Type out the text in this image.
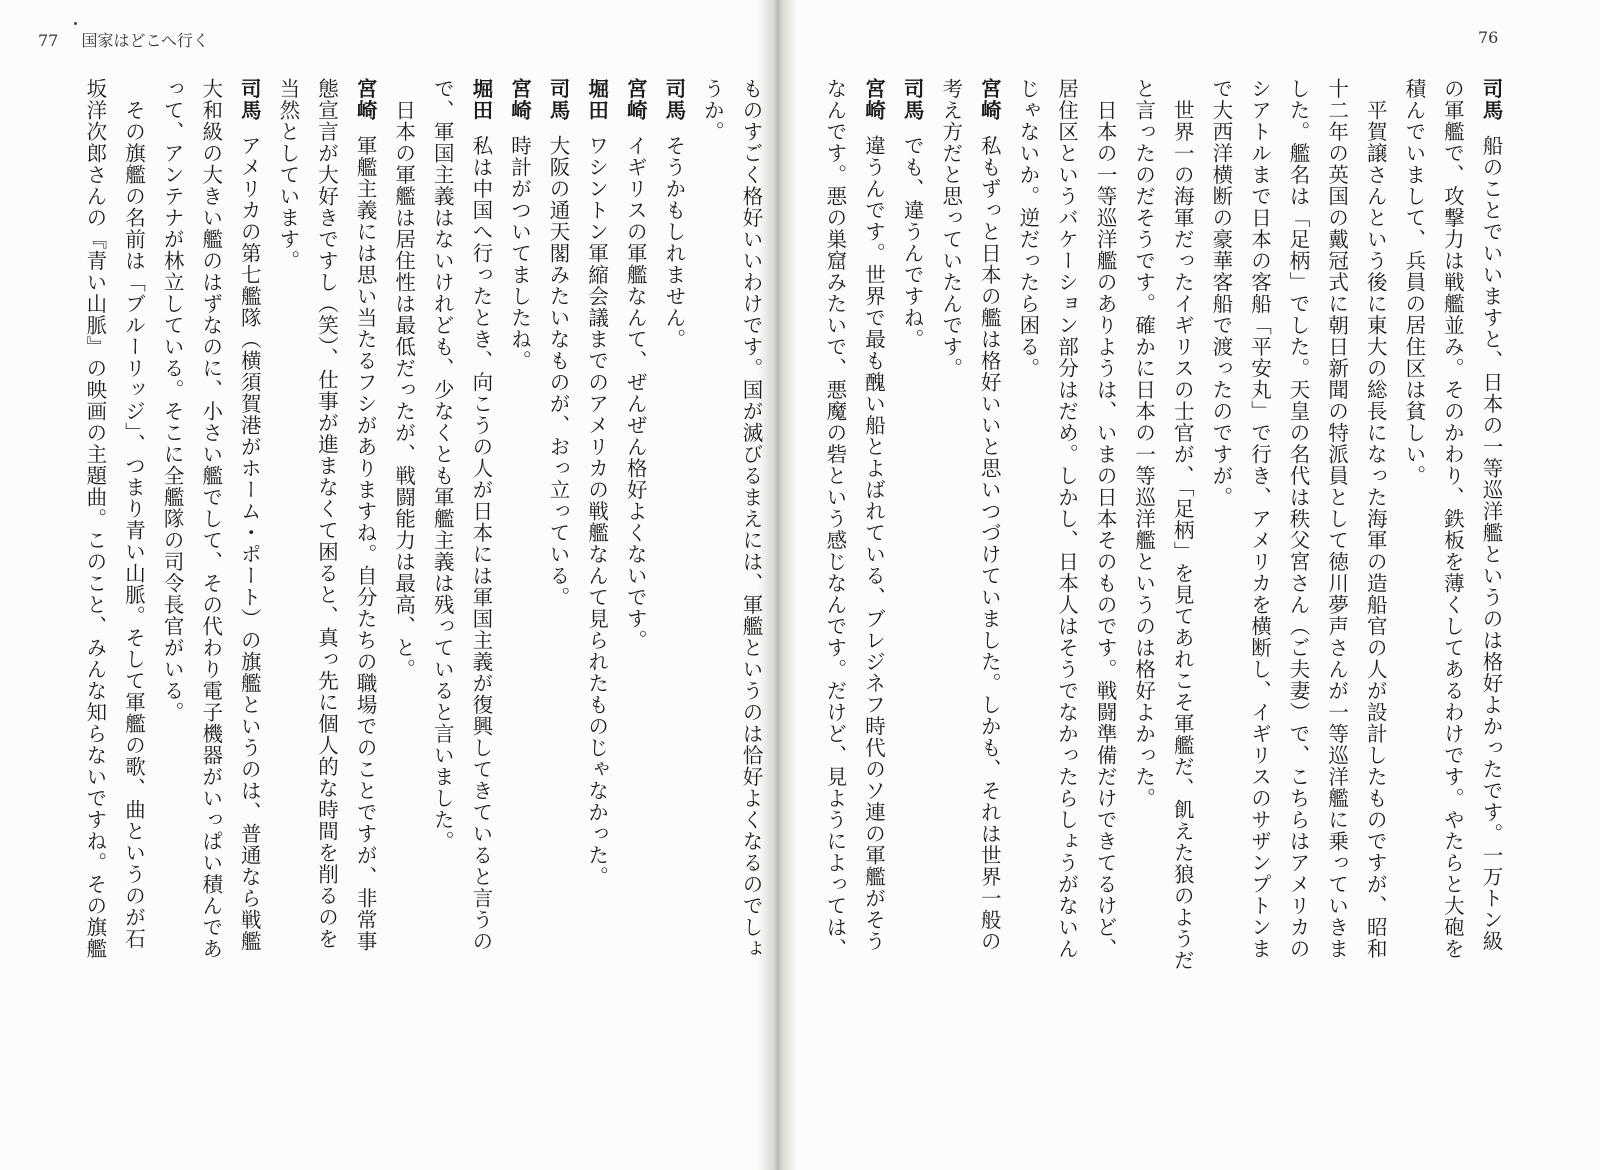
77 国家はどこへ行く	76
司馬船のことでいいますと、日本の一等巡洋艦というのは格好よかったです。一万トン級
の軍艦で、攻撃力は戦艦並み。そのかわり、鉄板を薄くしてあるわけです。やたらと大砲を
積んでいまして、兵員の居住区は貧しい。
　平賀譲さんという後に東大の総長になった海軍の造船官の人が設計したものですが、昭和
十二年の英国の戴冠式に朝日新聞の特派員として徳川夢声さんが一等巡洋艦に乗っていきま
した。艦名は「足柄」でした。天皇の名代は秩父宮さん（ご夫妻）で、こちらはアメリカの
シアトルまで日本の客船「平安丸」で行き、アメリカを横断し、イギリスのサザンプトンま
で大西洋横断の豪華客船で渡ったのですが。
　世界一の海軍だったイギリスの士官が、「足柄」を見てあれこそ軍艦だ、飢えた狼のようだ
と言ったのだそうです。確かに日本の一等巡洋艦というのは格好よかった。
　日本の一等巡洋艦のありようは、いまの日本そのものです。戦闘準備だけできてるけど、
居住区というバケーション部分はだめ。しかし、日本人はそうでなかったらしょうがないん
じゃないか。逆だったら困る。
宮崎私もずっと日本の艦は格好いいと思いつづけていました。しかも、それは世界一般の
考え方だと思っていたんです。
司馬でも、違うんですね。
宮崎違うんです。世界で最も醜い船とよばれている、ブレジネフ時代のソ連の軍艦がそう
なんです。悪の巣窟みたいで、悪魔の砦という感じなんです。だけど、見ようによっては、
ものすごく格好いいわけです。国が滅びるまえには、軍艦というのは恰好よくなるのでしょ
うか。
司馬そうかもしれません。
宮崎イギリスの軍艦なんて、ぜんぜん格好よくないです。
堀田ワシントン軍縮会議までのアメリカの戦艦なんて見られたものじゃなかった。
司馬大阪の通天閣みたいなものが、おっ立っている。
宮崎時計がついてましたね。
堀田私は中国へ行ったとき、向こうの人が日本には軍国主義が復興してきていると言うの
で、軍国主義はないけれども、少なくとも軍艦主義は残っていると言いました。
　日本の軍艦は居住性は最低だったが、戦闘能力は最高、と。
宮崎軍艦主義には思い当たるフシがありますね。自分たちの職場でのことですが、非常事
態宣言が大好きですし（笑）、仕事が進まなくて困ると、真っ先に個人的な時間を削るのを
当然としています。
司馬アメリカの第七艦隊（横須賀港がホーム・ポート）の旗艦というのは、普通なら戦艦
大和級の大きい艦のはずなのに、小さい艦でして、その代わり電子機器がいっぱい積んであ
って、アンテナが林立している。そこに全艦隊の司令長官がいる。
　その旗艦の名前は「ブルーリッジ」、つまり青い山脈。そして軍艦の歌、曲というのが石
坂洋次郎さんの『青い山脈』の映画の主題曲。このこと、みんな知らないですね。その旗艦
